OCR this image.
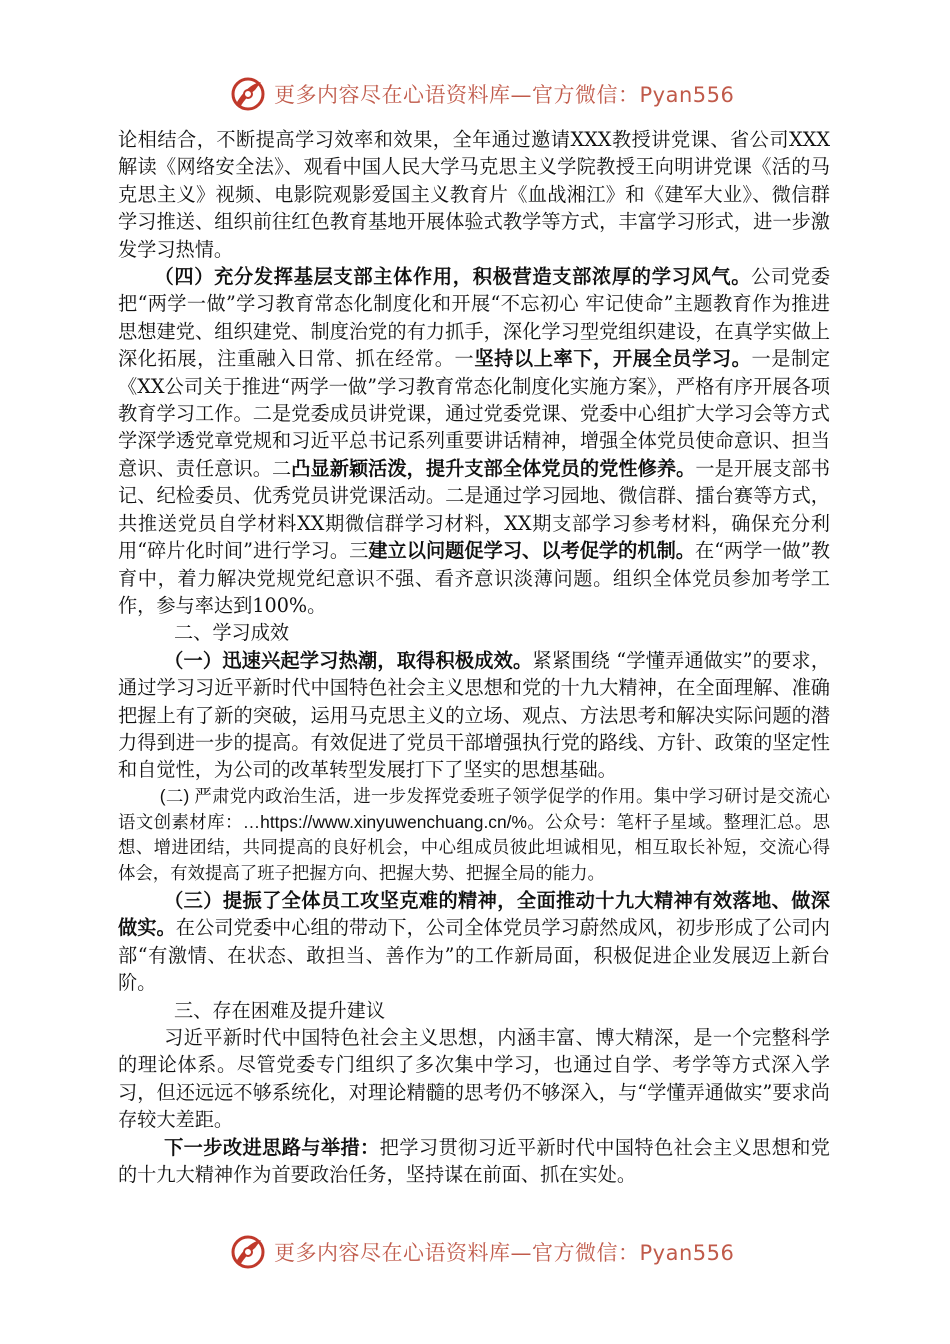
更多内容尽在心语资料库—官方微信：Pyan556

论相结合，不断提高学习效率和效果，全年通过邀请XXX教授讲党课、省公司XXX解读《网络安全法》、观看中国人民大学马克思主义学院教授王向明讲党课《活的马克思主义》视频、电影院观影爱国主义教育片《血战湘江》和《建军大业》、微信群学习推送、组织前往红色教育基地开展体验式教学等方式，丰富学习形式，进一步激发学习热情。

（四）充分发挥基层支部主体作用，积极营造支部浓厚的学习风气。公司党委把“两学一做”学习教育常态化制度化和开展“不忘初心 牢记使命”主题教育作为推进思想建党、组织建党、制度治党的有力抓手，深化学习型党组织建设，在真学实做上深化拓展，注重融入日常、抓在经常。一坚持以上率下，开展全员学习。一是制定《XX公司关于推进“两学一做”学习教育常态化制度化实施方案》，严格有序开展各项教育学习工作。二是党委成员讲党课，通过党委党课、党委中心组扩大学习会等方式学深学透党章党规和习近平总书记系列重要讲话精神，增强全体党员使命意识、担当意识、责任意识。二凸显新颖活泼，提升支部全体党员的党性修养。一是开展支部书记、纪检委员、优秀党员讲党课活动。二是通过学习园地、微信群、擂台赛等方式，共推送党员自学材料XX期微信群学习材料，XX期支部学习参考材料，确保充分利用“碎片化时间”进行学习。三建立以问题促学习、以考促学的机制。在“两学一做”教育中，着力解决党规党纪意识不强、看齐意识淡薄问题。组织全体党员参加考学工作，参与率达到100%。

二、学习成效

（一）迅速兴起学习热潮，取得积极成效。紧紧围绕 “学懂弄通做实”的要求，通过学习习近平新时代中国特色社会主义思想和党的十九大精神，在全面理解、准确把握上有了新的突破，运用马克思主义的立场、观点、方法思考和解决实际问题的潜力得到进一步的提高。有效促进了党员干部增强执行党的路线、方针、政策的坚定性和自觉性，为公司的改革转型发展打下了坚实的思想基础。

(二) 严肃党内政治生活，进一步发挥党委班子领学促学的作用。集中学习研讨是交流心语文创素材库：…https://www.xinyuwenchuang.cn/%。公众号：笔杆子星域。整理汇总。思想、增进团结，共同提高的良好机会，中心组成员彼此坦诚相见，相互取长补短，交流心得体会，有效提高了班子把握方向、把握大势、把握全局的能力。

（三）提振了全体员工攻坚克难的精神，全面推动十九大精神有效落地、做深做实。在公司党委中心组的带动下，公司全体党员学习蔚然成风，初步形成了公司内部“有激情、在状态、敢担当、善作为”的工作新局面，积极促进企业发展迈上新台阶。

三、存在困难及提升建议

习近平新时代中国特色社会主义思想，内涵丰富、博大精深，是一个完整科学的理论体系。尽管党委专门组织了多次集中学习，也通过自学、考学等方式深入学习，但还远远不够系统化，对理论精髓的思考仍不够深入，与“学懂弄通做实”要求尚存较大差距。

下一步改进思路与举措：把学习贯彻习近平新时代中国特色社会主义思想和党的十九大精神作为首要政治任务，坚持谋在前面、抓在实处。

更多内容尽在心语资料库—官方微信：Pyan556
